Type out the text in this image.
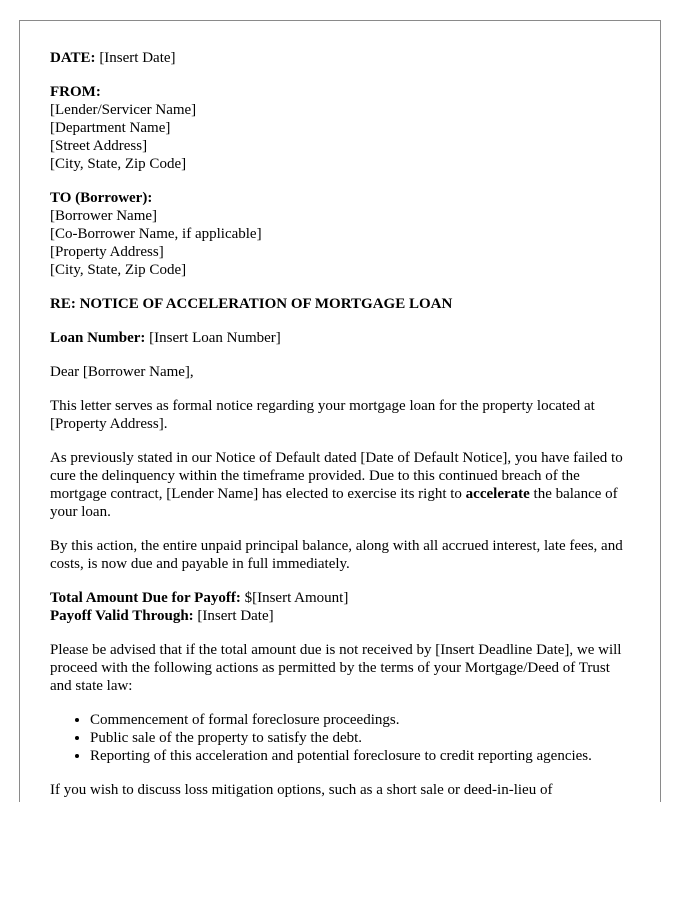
DATE: [Insert Date]

FROM:
[Lender/Servicer Name]
[Department Name]
[Street Address]
[City, State, Zip Code]
TO (Borrower):
[Borrower Name]
[Co-Borrower Name, if applicable]
[Property Address]
[City, State, Zip Code]

RE: NOTICE OF ACCELERATION OF MORTGAGE LOAN

Loan Number: [Insert Loan Number]

Dear [Borrower Name],

This letter serves as formal notice regarding your mortgage loan for the property located at [Property Address].

As previously stated in our Notice of Default dated [Date of Default Notice], you have failed to cure the delinquency within the timeframe provided. Due to this continued breach of the mortgage contract, [Lender Name] has elected to exercise its right to accelerate the balance of your loan.

By this action, the entire unpaid principal balance, along with all accrued interest, late fees, and costs, is now due and payable in full immediately.

Total Amount Due for Payoff: $[Insert Amount]
Payoff Valid Through: [Insert Date]

Please be advised that if the total amount due is not received by [Insert Deadline Date], we will proceed with the following actions as permitted by the terms of your Mortgage/Deed of Trust and state law:

• Commencement of formal foreclosure proceedings.
• Public sale of the property to satisfy the debt.
• Reporting of this acceleration and potential foreclosure to credit reporting agencies.

If you wish to discuss loss mitigation options, such as a short sale or deed-in-lieu of
